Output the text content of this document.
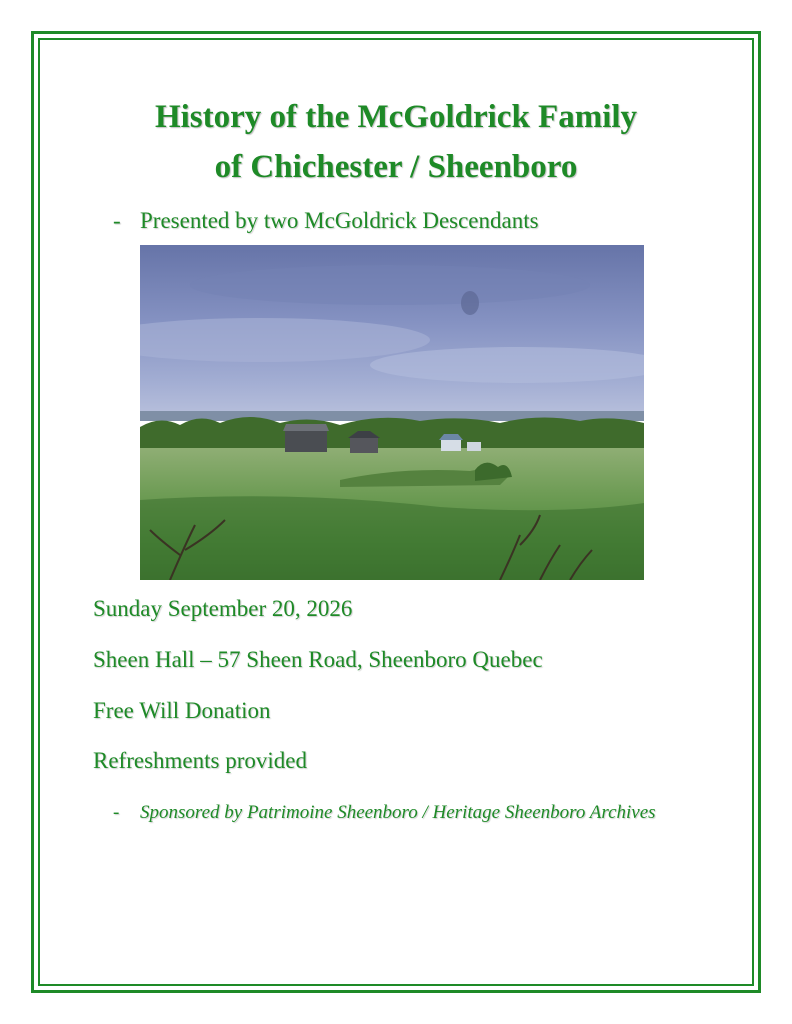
History of the McGoldrick Family
of Chichester / Sheenboro
- Presented by two McGoldrick Descendants
Sunday September 20, 2026
Sheen Hall – 57 Sheen Road, Sheenboro Quebec
Free Will Donation
Refreshments provided
-	Sponsored by Patrimoine Sheenboro / Heritage Sheenboro Archives
